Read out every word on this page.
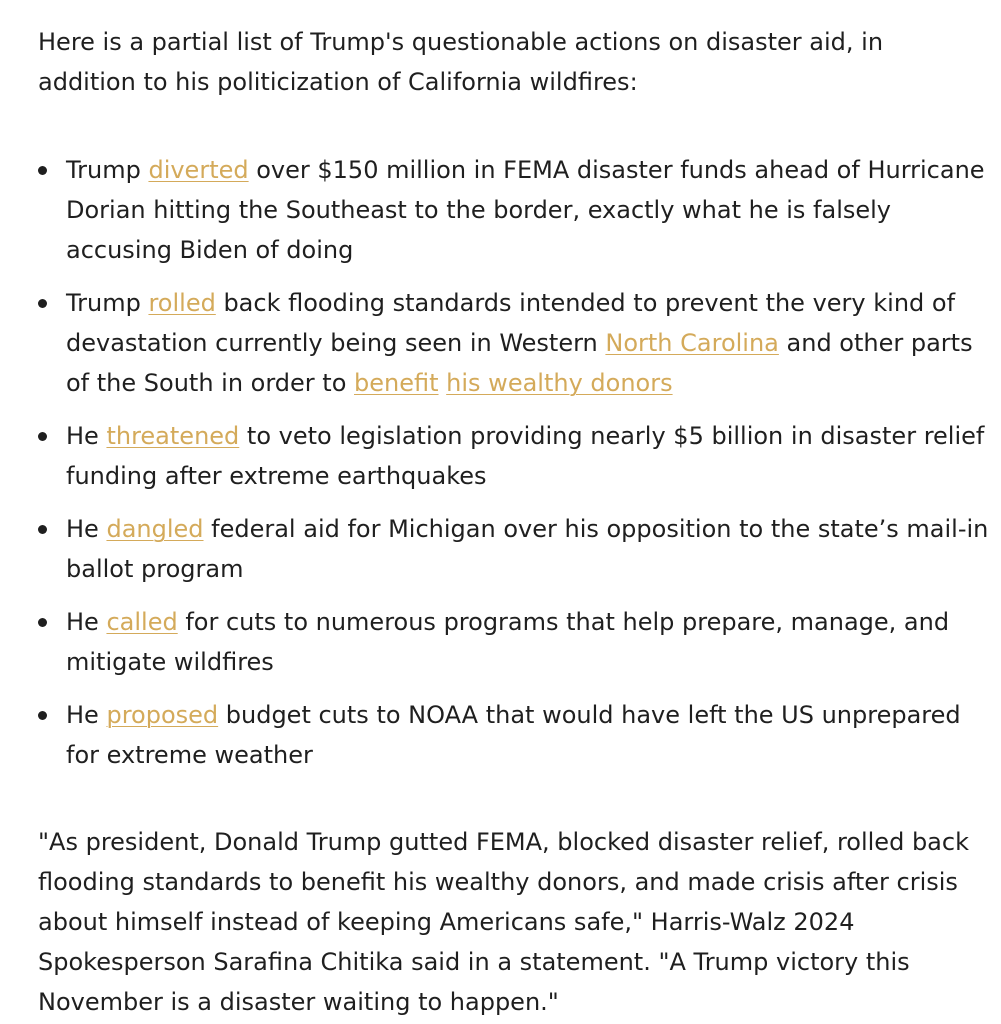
Here is a partial list of Trump's questionable actions on disaster aid, in addition to his politicization of California wildfires:

Trump diverted over $150 million in FEMA disaster funds ahead of Hurricane Dorian hitting the Southeast to the border, exactly what he is falsely accusing Biden of doing
Trump rolled back flooding standards intended to prevent the very kind of devastation currently being seen in Western North Carolina and other parts of the South in order to benefit his wealthy donors
He threatened to veto legislation providing nearly $5 billion in disaster relief funding after extreme earthquakes
He dangled federal aid for Michigan over his opposition to the state’s mail-in ballot program
He called for cuts to numerous programs that help prepare, manage, and mitigate wildfires
He proposed budget cuts to NOAA that would have left the US unprepared for extreme weather

"As president, Donald Trump gutted FEMA, blocked disaster relief, rolled back flooding standards to benefit his wealthy donors, and made crisis after crisis about himself instead of keeping Americans safe," Harris-Walz 2024 Spokesperson Sarafina Chitika said in a statement. "A Trump victory this November is a disaster waiting to happen."
